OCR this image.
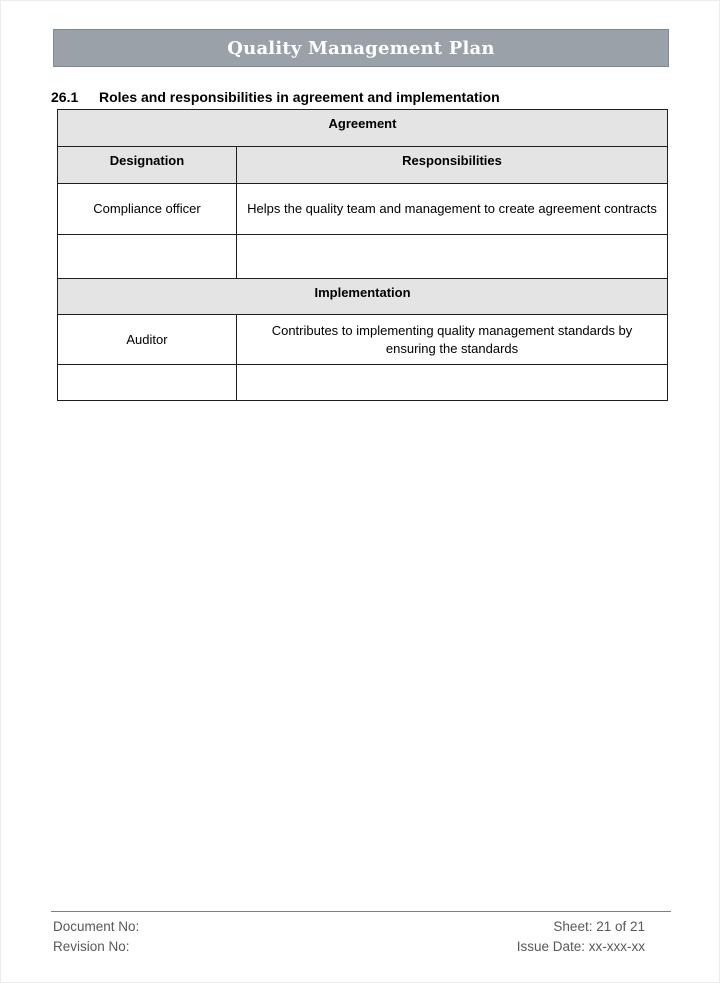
Quality Management Plan
26.1	Roles and responsibilities in agreement and implementation
Agreement	
Designation	Responsibilities
Compliance officer	Helps the quality team and management to create agreement contracts

Implementation	
Auditor	Contributes to implementing quality management standards by ensuring the standards

Document No:
Revision No:
Sheet: 21 of 21
Issue Date: xx-xxx-xx
